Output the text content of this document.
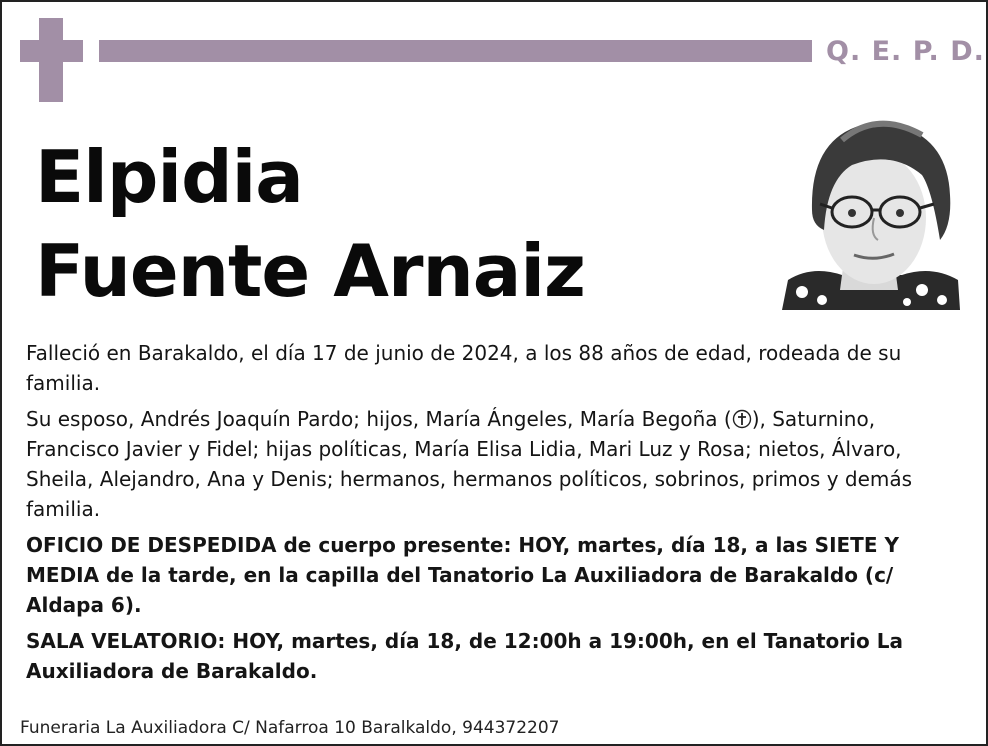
Q. E. P. D.
Elpidia
Fuente Arnaiz

Falleció en Barakaldo, el día 17 de junio de 2024, a los 88 años de edad, rodeada de su familia.

Su esposo, Andrés Joaquín Pardo; hijos, María Ángeles, María Begoña ( ), Saturnino, Francisco Javier y Fidel; hijas políticas, María Elisa Lidia, Mari Luz y Rosa; nietos, Álvaro, Sheila, Alejandro, Ana y Denis; hermanos, hermanos políticos, sobrinos, primos y demás familia.

OFICIO DE DESPEDIDA de cuerpo presente: HOY, martes, día 18, a las SIETE Y MEDIA de la tarde, en la capilla del Tanatorio La Auxiliadora de Barakaldo (c/ Aldapa 6).

SALA VELATORIO: HOY, martes, día 18, de 12:00h a 19:00h, en el Tanatorio La Auxiliadora de Barakaldo.

Funeraria La Auxiliadora C/ Nafarroa 10 Baralkaldo, 944372207
